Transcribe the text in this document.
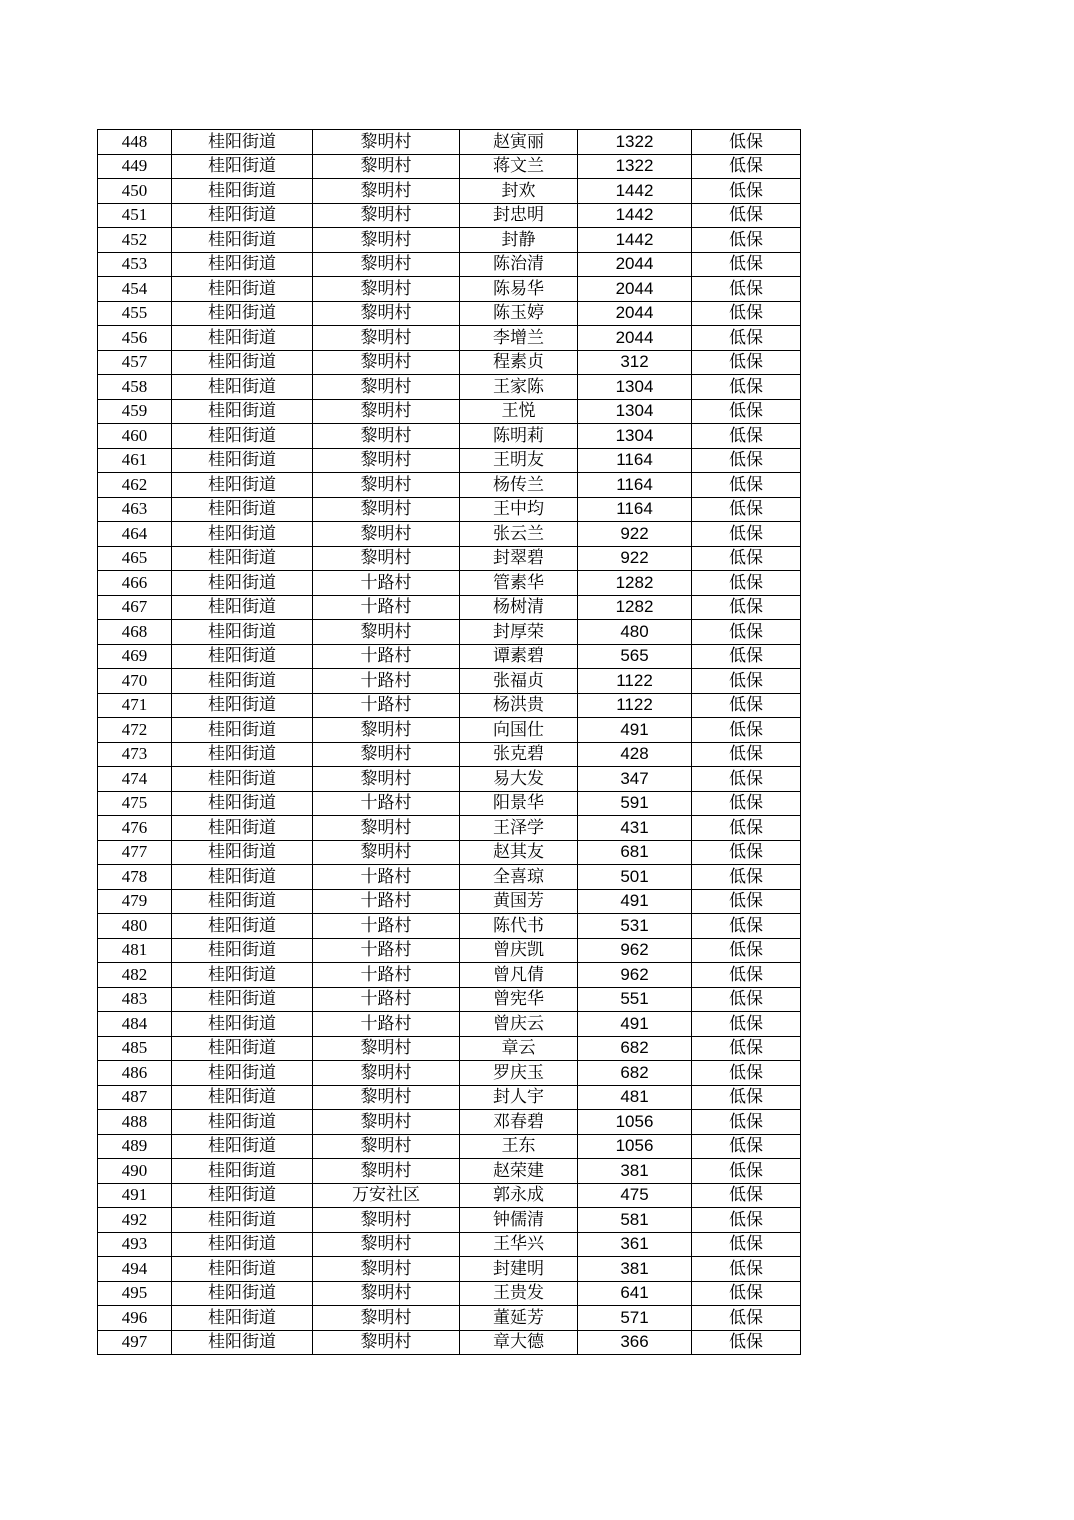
448	桂阳街道	黎明村	赵寅丽	1322	低保
449	桂阳街道	黎明村	蒋文兰	1322	低保
450	桂阳街道	黎明村	封欢	1442	低保
451	桂阳街道	黎明村	封忠明	1442	低保
452	桂阳街道	黎明村	封静	1442	低保
453	桂阳街道	黎明村	陈治清	2044	低保
454	桂阳街道	黎明村	陈易华	2044	低保
455	桂阳街道	黎明村	陈玉婷	2044	低保
456	桂阳街道	黎明村	李增兰	2044	低保
457	桂阳街道	黎明村	程素贞	312	低保
458	桂阳街道	黎明村	王家陈	1304	低保
459	桂阳街道	黎明村	王悦	1304	低保
460	桂阳街道	黎明村	陈明莉	1304	低保
461	桂阳街道	黎明村	王明友	1164	低保
462	桂阳街道	黎明村	杨传兰	1164	低保
463	桂阳街道	黎明村	王中均	1164	低保
464	桂阳街道	黎明村	张云兰	922	低保
465	桂阳街道	黎明村	封翠碧	922	低保
466	桂阳街道	十路村	管素华	1282	低保
467	桂阳街道	十路村	杨树清	1282	低保
468	桂阳街道	黎明村	封厚荣	480	低保
469	桂阳街道	十路村	谭素碧	565	低保
470	桂阳街道	十路村	张福贞	1122	低保
471	桂阳街道	十路村	杨洪贵	1122	低保
472	桂阳街道	黎明村	向国仕	491	低保
473	桂阳街道	黎明村	张克碧	428	低保
474	桂阳街道	黎明村	易大发	347	低保
475	桂阳街道	十路村	阳景华	591	低保
476	桂阳街道	黎明村	王泽学	431	低保
477	桂阳街道	黎明村	赵其友	681	低保
478	桂阳街道	十路村	全喜琼	501	低保
479	桂阳街道	十路村	黄国芳	491	低保
480	桂阳街道	十路村	陈代书	531	低保
481	桂阳街道	十路村	曾庆凯	962	低保
482	桂阳街道	十路村	曾凡倩	962	低保
483	桂阳街道	十路村	曾宪华	551	低保
484	桂阳街道	十路村	曾庆云	491	低保
485	桂阳街道	黎明村	章云	682	低保
486	桂阳街道	黎明村	罗庆玉	682	低保
487	桂阳街道	黎明村	封人宇	481	低保
488	桂阳街道	黎明村	邓春碧	1056	低保
489	桂阳街道	黎明村	王东	1056	低保
490	桂阳街道	黎明村	赵荣建	381	低保
491	桂阳街道	万安社区	郭永成	475	低保
492	桂阳街道	黎明村	钟儒清	581	低保
493	桂阳街道	黎明村	王华兴	361	低保
494	桂阳街道	黎明村	封建明	381	低保
495	桂阳街道	黎明村	王贵发	641	低保
496	桂阳街道	黎明村	董延芳	571	低保
497	桂阳街道	黎明村	章大德	366	低保
